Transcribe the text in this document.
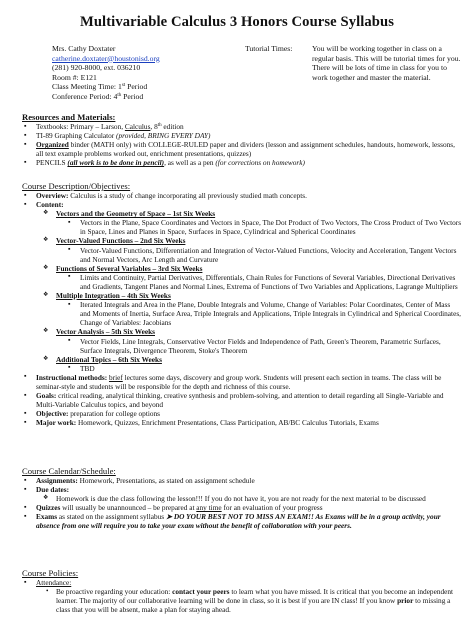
Multivariable Calculus 3 Honors Course Syllabus
Mrs. Cathy Doxtater
catherine.doxtater@houstonisd.org
(281) 920-8000, ext. 036210
Room #: E121
Class Meeting Time: 1st Period
Conference Period: 4th Period
Tutorial Times:	You will be working together in class on a regular basis. This will be tutorial times for you. There will be lots of time in class for you to work together and master the material.
Resources and Materials:
▪ Textbooks: Primary – Larson, Calculus, 8th edition
▪ TI-89 Graphing Calculator (provided, BRING EVERY DAY)
▪ Organized binder (MATH only) with COLLEGE-RULED paper and dividers (lesson and assignment schedules, handouts, homework, lessons, all text example problems worked out, enrichment presentations, quizzes)
▪ PENCILS (all work is to be done in pencil), as well as a pen (for corrections on homework)
Course Description/Objectives:
▪ Overview: Calculus is a study of change incorporating all previously studied math concepts.
▪ Content:
❖ Vectors and the Geometry of Space – 1st Six Weeks
▪ Vectors in the Plane, Space Coordinates and Vectors in Space, The Dot Product of Two Vectors, The Cross Product of Two Vectors in Space, Lines and Planes in Space, Surfaces in Space, Cylindrical and Spherical Coordinates
❖ Vector-Valued Functions – 2nd Six Weeks
▪ Vector-Valued Functions, Differentiation and Integration of Vector-Valued Functions, Velocity and Acceleration, Tangent Vectors and Normal Vectors, Arc Length and Curvature
❖ Functions of Several Variables – 3rd Six Weeks
▪ Limits and Continuity, Partial Derivatives, Differentials, Chain Rules for Functions of Several Variables, Directional Derivatives and Gradients, Tangent Planes and Normal Lines, Extrema of Functions of Two Variables and Applications, Lagrange Multipliers
❖ Multiple Integration – 4th Six Weeks
▪ Iterated Integrals and Area in the Plane, Double Integrals and Volume, Change of Variables: Polar Coordinates, Center of Mass and Moments of Inertia, Surface Area, Triple Integrals and Applications, Triple Integrals in Cylindrical and Spherical Coordinates, Change of Variables: Jacobians
❖ Vector Analysis – 5th Six Weeks
▪ Vector Fields, Line Integrals, Conservative Vector Fields and Independence of Path, Green's Theorem, Parametric Surfaces, Surface Integrals, Divergence Theorem, Stoke's Theorem
❖ Additional Topics – 6th Six Weeks
▪ TBD
▪ Instructional methods: brief lectures some days, discovery and group work. Students will present each section in teams. The class will be seminar-style and students will be responsible for the depth and richness of this course.
▪ Goals: critical reading, analytical thinking, creative synthesis and problem-solving, and attention to detail regarding all Single-Variable and Multi-Variable Calculus topics, and beyond
▪ Objective: preparation for college options
▪ Major work: Homework, Quizzes, Enrichment Presentations, Class Participation, AB/BC Calculus Tutorials, Exams
Course Calendar/Schedule:
▪ Assignments: Homework, Presentations, as stated on assignment schedule
▪ Due dates:
❖ Homework is due the class following the lesson!!! If you do not have it, you are not ready for the next material to be discussed
▪ Quizzes will usually be unannounced – be prepared at any time for an evaluation of your progress
▪ Exams as stated on the assignment syllabus ➤ DO YOUR BEST NOT TO MISS AN EXAM!! As Exams will be in a group activity, your absence from one will require you to take your exam without the benefit of collaboration with your peers.
Course Policies:
▪ Attendance:
• Be proactive regarding your education: contact your peers to learn what you have missed. It is critical that you become an independent learner. The majority of our collaborative learning will be done in class, so it is best if you are IN class! If you know prior to missing a class that you will be absent, make a plan for staying ahead.
